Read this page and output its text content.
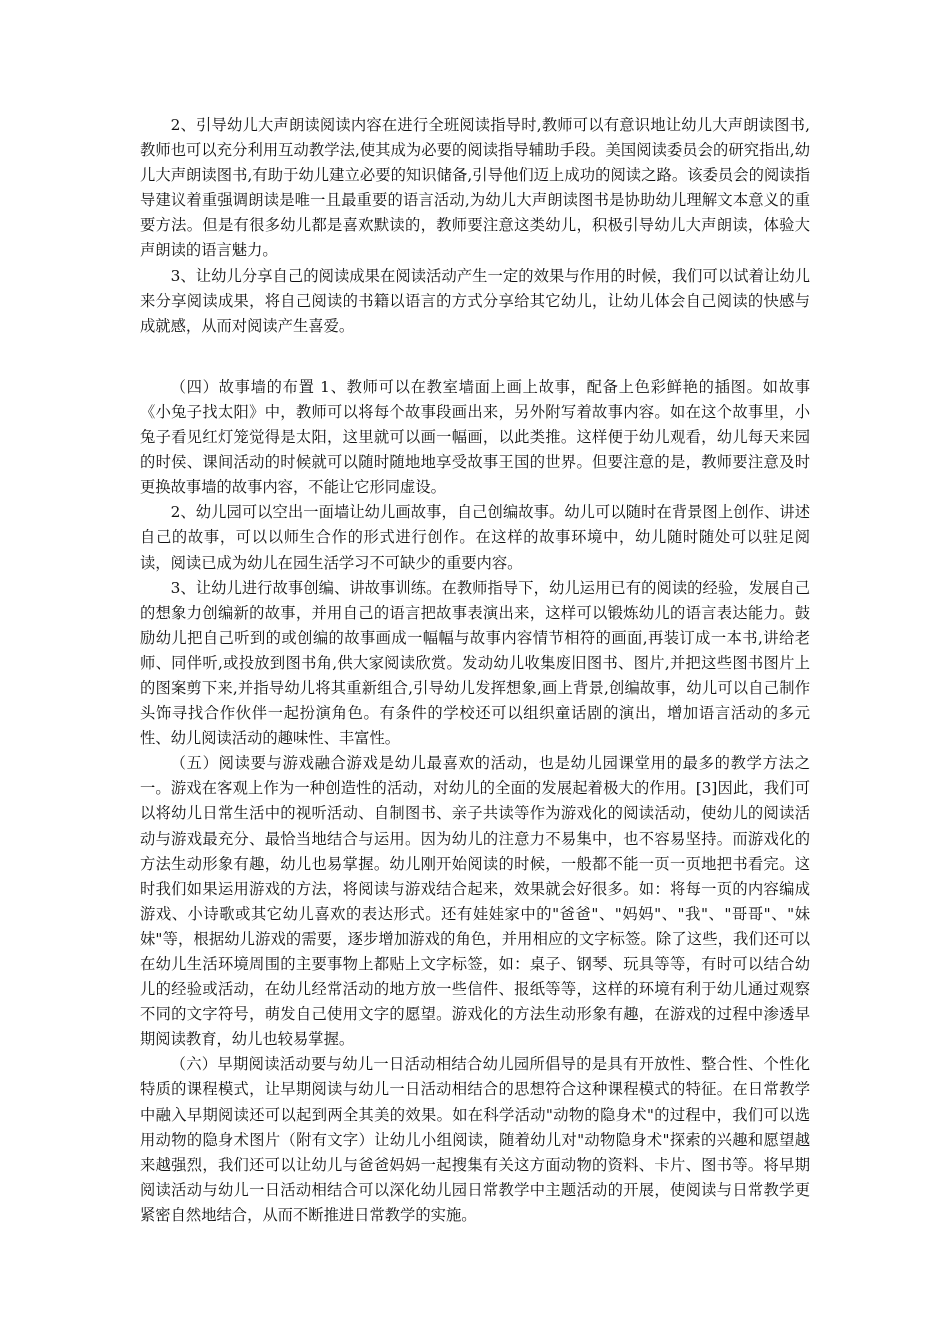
2、引导幼儿大声朗读阅读内容在进行全班阅读指导时,教师可以有意识地让幼儿大声朗读图书,教师也可以充分利用互动教学法,使其成为必要的阅读指导辅助手段。美国阅读委员会的研究指出,幼儿大声朗读图书,有助于幼儿建立必要的知识储备,引导他们迈上成功的阅读之路。该委员会的阅读指导建议着重强调朗读是唯一且最重要的语言活动,为幼儿大声朗读图书是协助幼儿理解文本意义的重要方法。但是有很多幼儿都是喜欢默读的，教师要注意这类幼儿，积极引导幼儿大声朗读，体验大声朗读的语言魅力。

3、让幼儿分享自己的阅读成果在阅读活动产生一定的效果与作用的时候，我们可以试着让幼儿来分享阅读成果，将自己阅读的书籍以语言的方式分享给其它幼儿，让幼儿体会自己阅读的快感与成就感，从而对阅读产生喜爱。

（四）故事墙的布置 1、教师可以在教室墙面上画上故事，配备上色彩鲜艳的插图。如故事《小兔子找太阳》中，教师可以将每个故事段画出来，另外附写着故事内容。如在这个故事里，小兔子看见红灯笼觉得是太阳，这里就可以画一幅画，以此类推。这样便于幼儿观看，幼儿每天来园的时侯、课间活动的时候就可以随时随地地享受故事王国的世界。但要注意的是，教师要注意及时更换故事墙的故事内容，不能让它形同虚设。

2、幼儿园可以空出一面墙让幼儿画故事，自己创编故事。幼儿可以随时在背景图上创作、讲述自己的故事，可以以师生合作的形式进行创作。在这样的故事环境中，幼儿随时随处可以驻足阅读，阅读已成为幼儿在园生活学习不可缺少的重要内容。

3、让幼儿进行故事创编、讲故事训练。在教师指导下，幼儿运用已有的阅读的经验，发展自己的想象力创编新的故事，并用自己的语言把故事表演出来，这样可以锻炼幼儿的语言表达能力。鼓励幼儿把自己听到的或创编的故事画成一幅幅与故事内容情节相符的画面,再装订成一本书,讲给老师、同伴听,或投放到图书角,供大家阅读欣赏。发动幼儿收集废旧图书、图片,并把这些图书图片上的图案剪下来,并指导幼儿将其重新组合,引导幼儿发挥想象,画上背景,创编故事，幼儿可以自己制作头饰寻找合作伙伴一起扮演角色。有条件的学校还可以组织童话剧的演出，增加语言活动的多元性、幼儿阅读活动的趣味性、丰富性。

（五）阅读要与游戏融合游戏是幼儿最喜欢的活动，也是幼儿园课堂用的最多的教学方法之一。游戏在客观上作为一种创造性的活动，对幼儿的全面的发展起着极大的作用。[3]因此，我们可以将幼儿日常生活中的视听活动、自制图书、亲子共读等作为游戏化的阅读活动，使幼儿的阅读活动与游戏最充分、最恰当地结合与运用。因为幼儿的注意力不易集中，也不容易坚持。而游戏化的方法生动形象有趣，幼儿也易掌握。幼儿刚开始阅读的时候，一般都不能一页一页地把书看完。这时我们如果运用游戏的方法，将阅读与游戏结合起来，效果就会好很多。如：将每一页的内容编成游戏、小诗歌或其它幼儿喜欢的表达形式。还有娃娃家中的"爸爸"、"妈妈"、"我"、"哥哥"、"妹妹"等，根据幼儿游戏的需要，逐步增加游戏的角色，并用相应的文字标签。除了这些，我们还可以在幼儿生活环境周围的主要事物上都贴上文字标签，如：桌子、钢琴、玩具等等，有时可以结合幼儿的经验或活动，在幼儿经常活动的地方放一些信件、报纸等等，这样的环境有利于幼儿通过观察不同的文字符号，萌发自己使用文字的愿望。游戏化的方法生动形象有趣，在游戏的过程中渗透早期阅读教育，幼儿也较易掌握。

（六）早期阅读活动要与幼儿一日活动相结合幼儿园所倡导的是具有开放性、整合性、个性化特质的课程模式，让早期阅读与幼儿一日活动相结合的思想符合这种课程模式的特征。在日常教学中融入早期阅读还可以起到两全其美的效果。如在科学活动"动物的隐身术"的过程中，我们可以选用动物的隐身术图片（附有文字）让幼儿小组阅读，随着幼儿对"动物隐身术"探索的兴趣和愿望越来越强烈，我们还可以让幼儿与爸爸妈妈一起搜集有关这方面动物的资料、卡片、图书等。将早期阅读活动与幼儿一日活动相结合可以深化幼儿园日常教学中主题活动的开展，使阅读与日常教学更紧密自然地结合，从而不断推进日常教学的实施。
